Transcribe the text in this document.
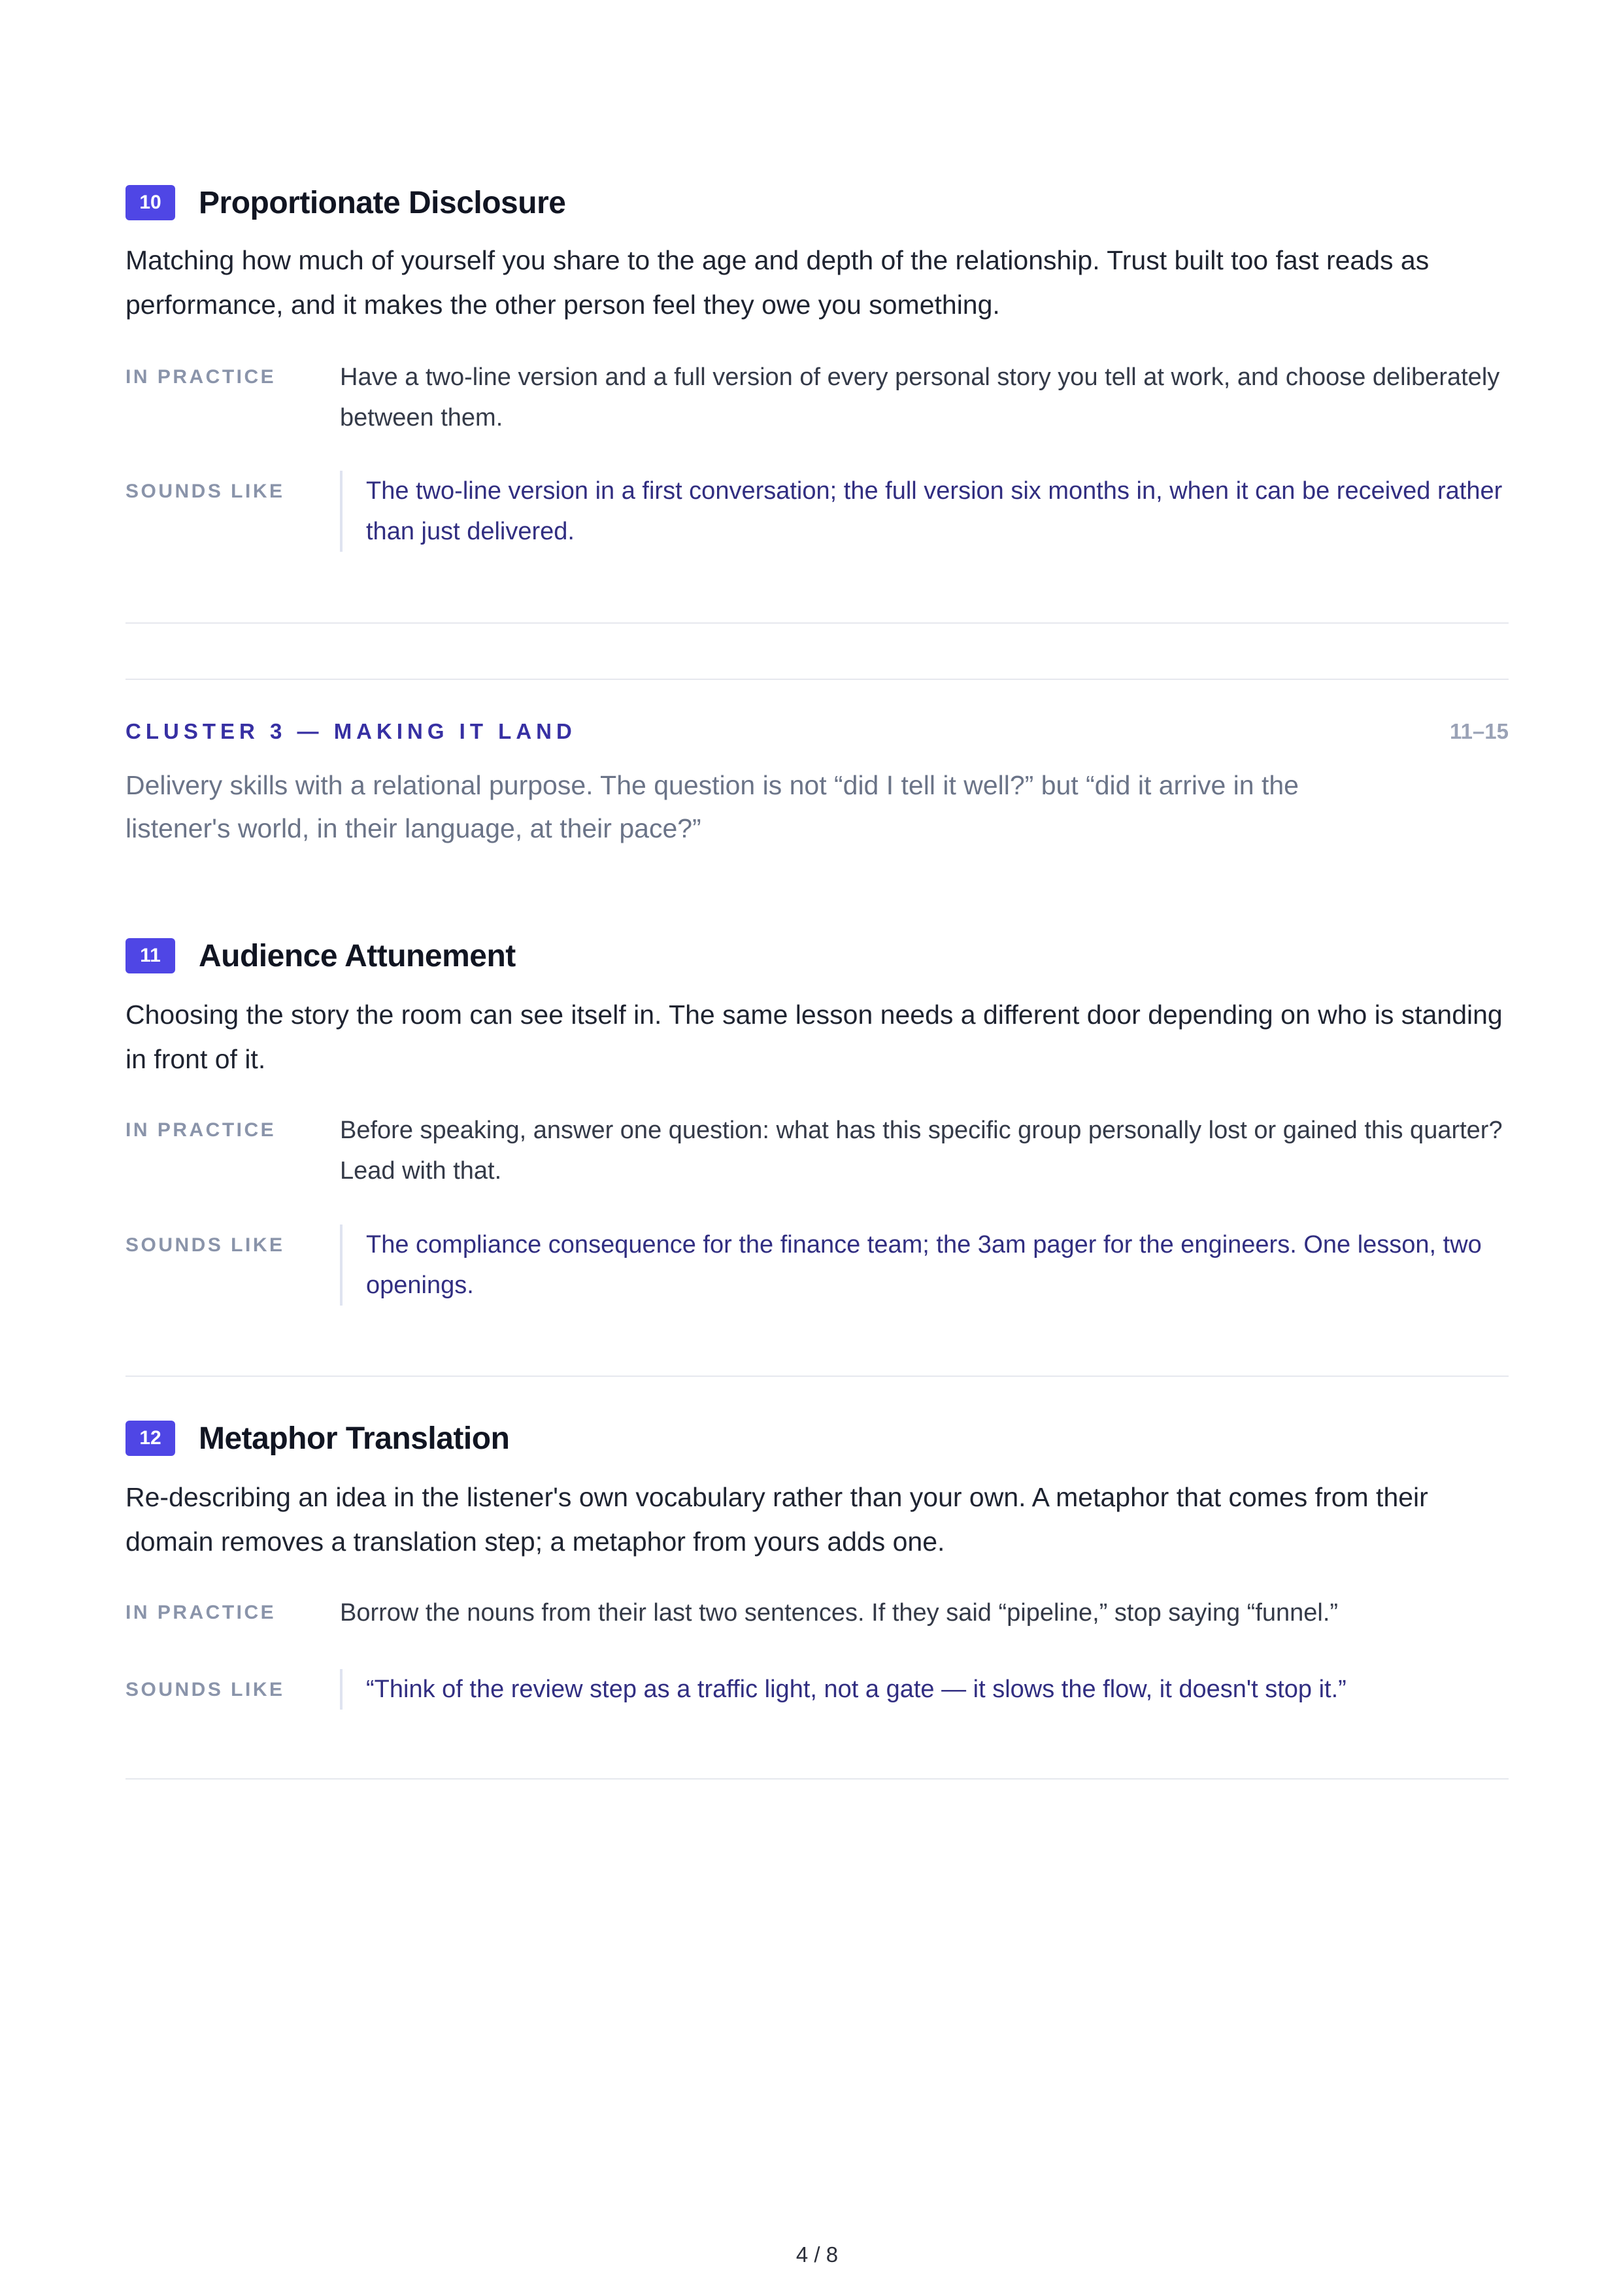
10	Proportionate Disclosure

Matching how much of yourself you share to the age and depth of the relationship. Trust built too fast reads as performance, and it makes the other person feel they owe you something.

IN PRACTICE	Have a two-line version and a full version of every personal story you tell at work, and choose deliberately between them.

SOUNDS LIKE	The two-line version in a first conversation; the full version six months in, when it can be received rather than just delivered.

CLUSTER 3 — MAKING IT LAND	11–15

Delivery skills with a relational purpose. The question is not “did I tell it well?” but “did it arrive in the listener's world, in their language, at their pace?”

11	Audience Attunement

Choosing the story the room can see itself in. The same lesson needs a different door depending on who is standing in front of it.

IN PRACTICE	Before speaking, answer one question: what has this specific group personally lost or gained this quarter? Lead with that.

SOUNDS LIKE	The compliance consequence for the finance team; the 3am pager for the engineers. One lesson, two openings.

12	Metaphor Translation

Re-describing an idea in the listener's own vocabulary rather than your own. A metaphor that comes from their domain removes a translation step; a metaphor from yours adds one.

IN PRACTICE	Borrow the nouns from their last two sentences. If they said “pipeline,” stop saying “funnel.”

SOUNDS LIKE	“Think of the review step as a traffic light, not a gate — it slows the flow, it doesn't stop it.”

4 / 8
